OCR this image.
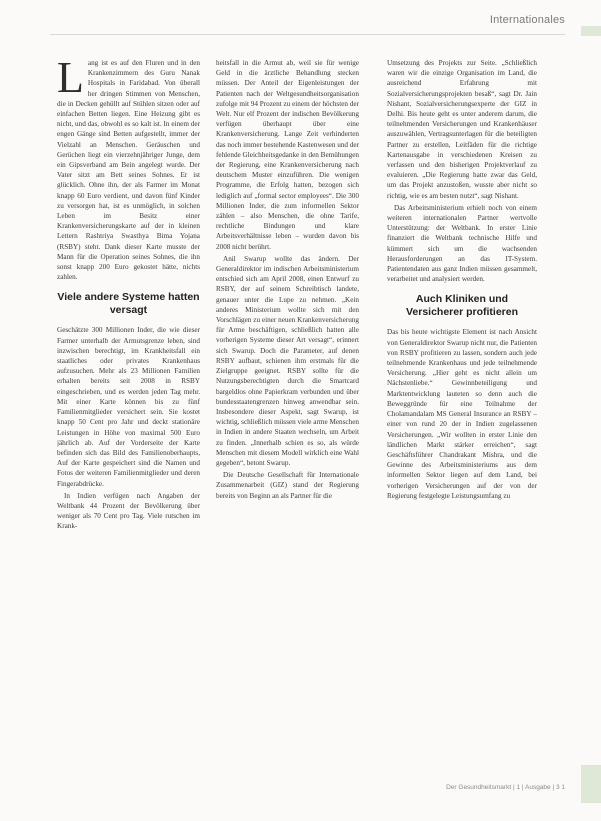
Internationales

Lang ist es auf den Fluren und in den Krankenzimmern des Guru Nanak Hospitals in Faridabad. Von überall her dringen Stimmen von Menschen, die in Decken gehüllt auf Stühlen sitzen oder auf einfachen Betten liegen. Eine Heizung gibt es nicht, und das, obwohl es so kalt ist. In einem der engen Gänge sind Betten aufgestellt, immer der Vielzahl an Menschen. Geräuschen und Gerüchen liegt ein vierzehnjähriger Junge, dem ein Gipsverband am Bein angelegt wurde. Der Vater sitzt am Bett seines Sohnes. Er ist glücklich. Ohne ihn, der als Farmer im Monat knapp 60 Euro verdient, und davon fünf Kinder zu versorgen hat, ist es unmöglich, in solchen Leben im Besitz einer Krankenversicherungskarte auf der in kleinen Lettern Rashtriya Swasthya Bima Yojana (RSBY) steht. Dank dieser Karte musste der Mann für die Operation seines Sohnes, die ihn sonst knapp 200 Euro gekostet hätte, nichts zahlen.

Viele andere Systeme hatten versagt

Geschätzte 300 Millionen Inder, die wie dieser Farmer unterhalb der Armutsgrenze leben, sind inzwischen berechtigt, im Krankheitsfall ein staatliches oder privates Krankenhaus aufzusuchen. Mehr als 23 Millionen Familien erhalten bereits seit 2008 in RSBY eingeschrieben, und es werden jeden Tag mehr. Mit einer Karte können bis zu fünf Familienmitglieder versichert sein. Sie kostet knapp 50 Cent pro Jahr und deckt stationäre Leistungen in Höhe von maximal 500 Euro jährlich ab. Auf der Vorderseite der Karte befinden sich das Bild des Familienoberhaupts, Auf der Karte gespeichert sind die Namen und Fotos der weiteren Familienmitglieder und deren Fingerabdrücke.

In Indien verfügen nach Angaben der Weltbank 44 Prozent der Bevölkerung über weniger als 70 Cent pro Tag. Viele rutschen im Krank-

heitsfall in die Armut ab, weil sie für wenige Geld in die ärztliche Behandlung stecken müssen. Der Anteil der Eigenleistungen der Patienten nach der Weltgesundheitsorganisation zufolge mit 94 Prozent zu einem der höchsten der Welt. Nur elf Prozent der indischen Bevölkerung verfügen überhaupt über eine Krankenversicherung. Lange Zeit verhinderten das noch immer bestehende Kastenwesen und der fehlende Gleichheitsgedanke in den Bemühungen der Regierung, eine Krankenversicherung nach deutschem Muster einzuführen. Die wenigen Programme, die Erfolg hatten, bezogen sich lediglich auf „formal sector employees“. Die 300 Millionen Inder, die zum informellen Sektor zählen – also Menschen, die ohne Tarife, rechtliche Bindungen und klare Arbeitsverhältnisse leben – wurden davon bis 2008 nicht berührt.

Anil Swarup wollte das ändern. Der Generaldirektor im indischen Arbeitsministerium entschied sich am April 2008, einen Entwurf zu RSBY, der auf seinem Schreibtisch landete, genauer unter die Lupe zu nehmen. „Kein anderes Ministerium wollte sich mit den Vorschlägen zu einer neuen Krankenversicherung für Arme beschäftigen, schließlich hatten alle vorherigen Systeme dieser Art versagt“, erinnert sich Swarup. Doch die Parameter, auf denen RSBY aufbaut, schienen ihm erstmals für die Zielgruppe geeignet. RSBY sollte für die Nutzungsberechtigten durch die Smartcard bargeldlos ohne Papierkram verbunden und über bundesstaatengrenzen hinweg anwendbar sein. Insbesondere dieser Aspekt, sagt Swarup, ist wichtig, schließlich müssen viele arme Menschen in Indien in andere Staaten wechseln, um Arbeit zu finden. „Innerhalb schien es so, als würde Menschen mit diesem Modell wirklich eine Wahl gegeben“, betont Swarup.

Die Deutsche Gesellschaft für Internationale Zusammenarbeit (GIZ) stand der Regierung bereits von Beginn an als Partner für die

Umsetzung des Projekts zur Seite. „Schließlich waren wir die einzige Organisation im Land, die ausreichend Erfahrung mit Sozialversicherungsprojekten besaß“, sagt Dr. Jain Nishant, Sozialversicherungsexperte der GIZ in Delhi. Bis heute geht es unter anderem darum, die teilnehmenden Versicherungen und Krankenhäuser auszuwählen, Vertragsunterlagen für die beteiligten Partner zu erstellen, Leitfäden für die richtige Kartenausgabe in verschiedenen Kreisen zu verfassen und den bisherigen Projektverlauf zu evaluieren. „Die Regierung hatte zwar das Geld, um das Projekt anzustoßen, wusste aber nicht so richtig, wie es am besten nutzt“, sagt Nishant.

Das Arbeitsministerium erhielt noch von einem weiteren internationalen Partner wertvolle Unterstützung: der Weltbank. In erster Linie finanziert die Weltbank technische Hilfe und kümmert sich um die wachsenden Herausforderungen an das IT-System. Patientendaten aus ganz Indien müssen gesammelt, verarbeitet und analysiert werden.

Auch Kliniken und Versicherer profitieren

Das bis heute wichtigste Element ist nach Ansicht von Generaldirektor Swarup nicht nur, die Patienten von RSBY profitieren zu lassen, sondern auch jede teilnehmende Krankenhaus und jede teilnehmende Versicherung. „Hier geht es nicht allein um Nächstenliebe.“ Gewinnbeteiligung und Marktentwicklung lauteten so denn auch die Beweggründe für eine Teilnahme der Cholamandalam MS General Insurance an RSBY – einer von rund 20 der in Indien zugelassenen Versicherungen. „Wir wollten in erster Linie den ländlichen Markt stärker erreichen“, sagt Geschäftsführer Chandrakant Mishra, und die Gewinne des Arbeitsministeriums aus dem informellen Sektor liegen auf dem Land, bei vorherigen Versicherungen auf der von der Regierung festgelegte Leistungsumfang zu

Der Gesundheitsmarkt | 1 | Ausgabe | 3 1
